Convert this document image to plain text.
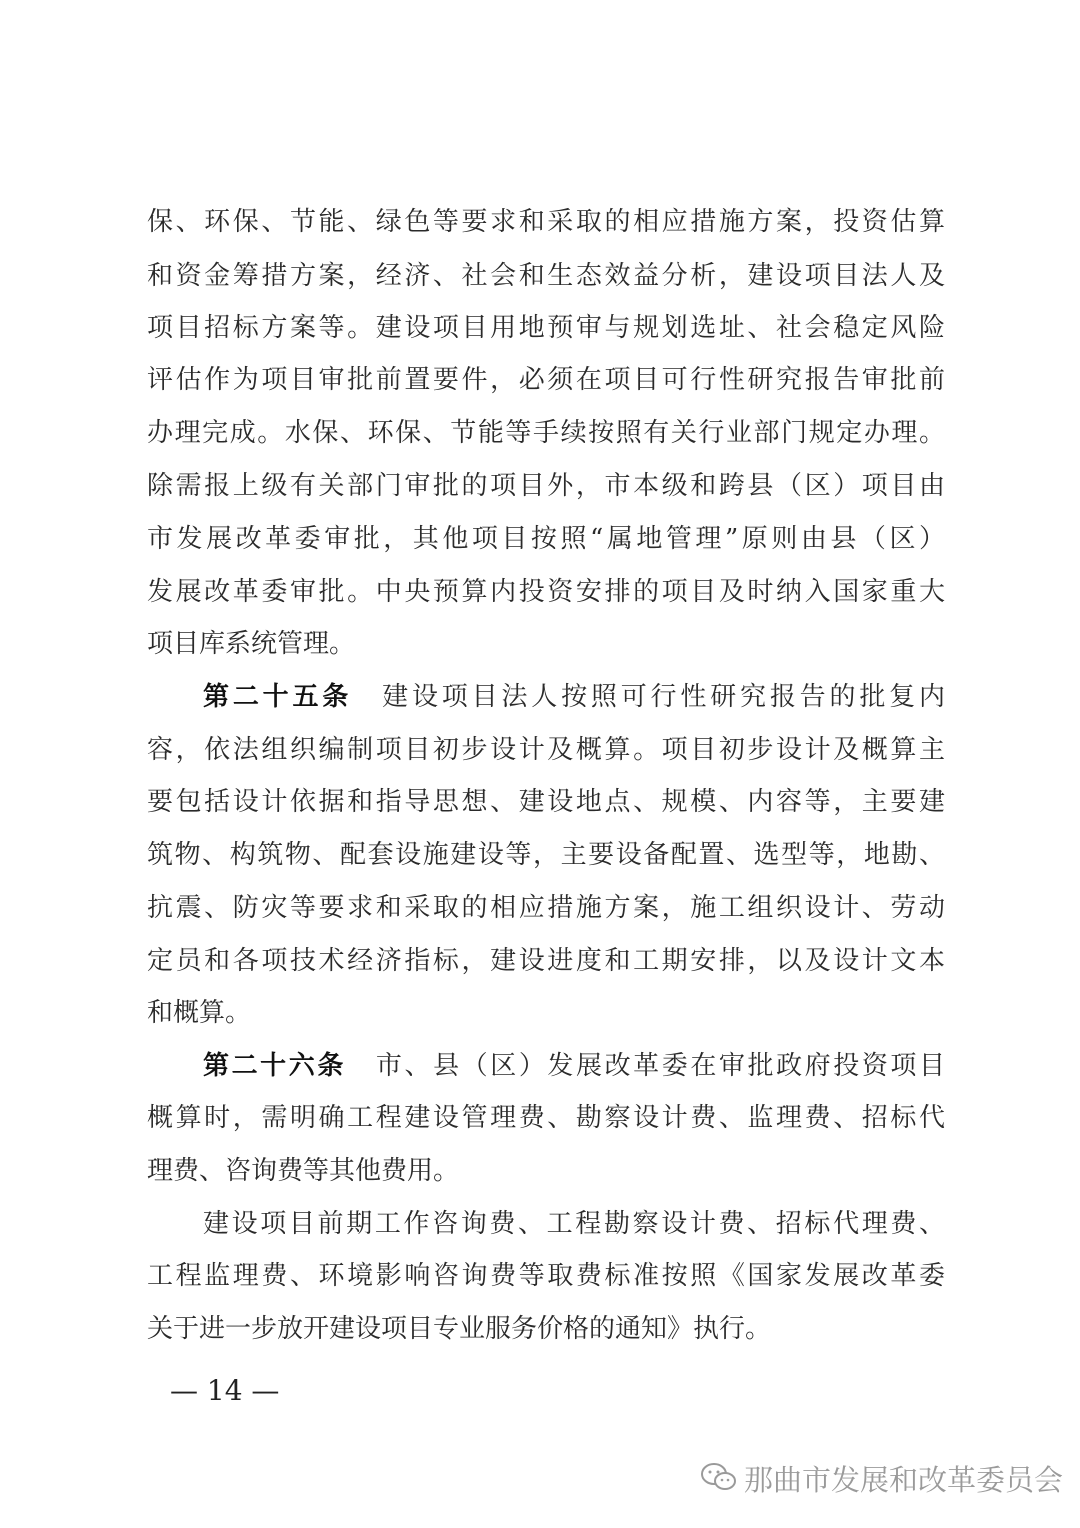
保、环保、节能、绿色等要求和采取的相应措施方案，投资估算
和资金筹措方案，经济、社会和生态效益分析，建设项目法人及
项目招标方案等。建设项目用地预审与规划选址、社会稳定风险
评估作为项目审批前置要件，必须在项目可行性研究报告审批前
办理完成。水保、环保、节能等手续按照有关行业部门规定办理。
除需报上级有关部门审批的项目外，市本级和跨县（区）项目由
市发展改革委审批，其他项目按照“属地管理”原则由县（区）
发展改革委审批。中央预算内投资安排的项目及时纳入国家重大
项目库系统管理。
第二十五条 建设项目法人按照可行性研究报告的批复内
容，依法组织编制项目初步设计及概算。项目初步设计及概算主
要包括设计依据和指导思想、建设地点、规模、内容等，主要建
筑物、构筑物、配套设施建设等，主要设备配置、选型等，地勘、
抗震、防灾等要求和采取的相应措施方案，施工组织设计、劳动
定员和各项技术经济指标，建设进度和工期安排，以及设计文本
和概算。
第二十六条 市、县（区）发展改革委在审批政府投资项目
概算时，需明确工程建设管理费、勘察设计费、监理费、招标代
理费、咨询费等其他费用。
建设项目前期工作咨询费、工程勘察设计费、招标代理费、
工程监理费、环境影响咨询费等取费标准按照《国家发展改革委
关于进一步放开建设项目专业服务价格的通知》执行。
— 14 —
那曲市发展和改革委员会
